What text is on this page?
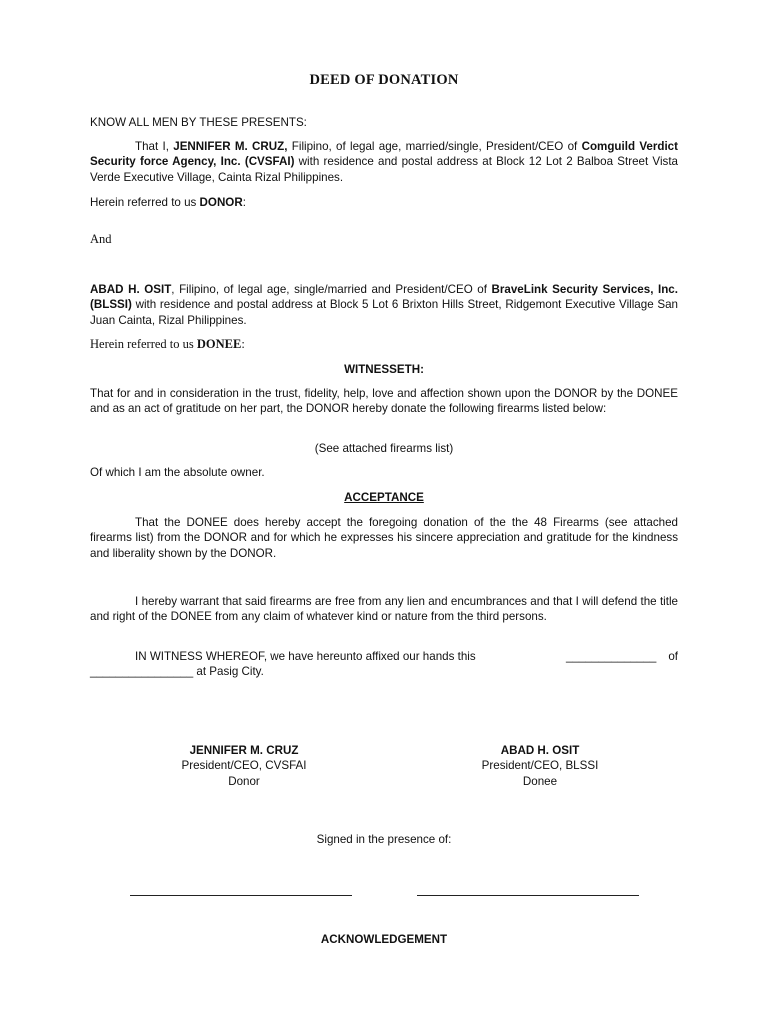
DEED OF DONATION

KNOW ALL MEN BY THESE PRESENTS:

That I, JENNIFER M. CRUZ, Filipino, of legal age, married/single, President/CEO of Comguild Verdict Security force Agency, Inc. (CVSFAI) with residence and postal address at Block 12 Lot 2 Balboa Street Vista Verde Executive Village, Cainta Rizal Philippines.

Herein referred to us DONOR:

And

ABAD H. OSIT, Filipino, of legal age, single/married and President/CEO of BraveLink Security Services, Inc. (BLSSI) with residence and postal address at Block 5 Lot 6 Brixton Hills Street, Ridgemont Executive Village San Juan Cainta, Rizal Philippines.

Herein referred to us DONEE:

WITNESSETH:

That for and in consideration in the trust, fidelity, help, love and affection shown upon the DONOR by the DONEE and as an act of gratitude on her part, the DONOR hereby donate the following firearms listed below:

(See attached firearms list)

Of which I am the absolute owner.

ACCEPTANCE

That the DONEE does hereby accept the foregoing donation of the the 48 Firearms (see attached firearms list) from the DONOR and for which he expresses his sincere appreciation and gratitude for the kindness and liberality shown by the DONOR.

I hereby warrant that said firearms are free from any lien and encumbrances and that I will defend the title and right of the DONEE from any claim of whatever kind or nature from the third persons.

IN WITNESS WHEREOF, we have hereunto affixed our hands this	______________ of
________________ at Pasig City.
JENNIFER M. CRUZ
President/CEO, CVSFAI
Donor
ABAD H. OSIT
President/CEO, BLSSI
Donee

Signed in the presence of:

ACKNOWLEDGEMENT
